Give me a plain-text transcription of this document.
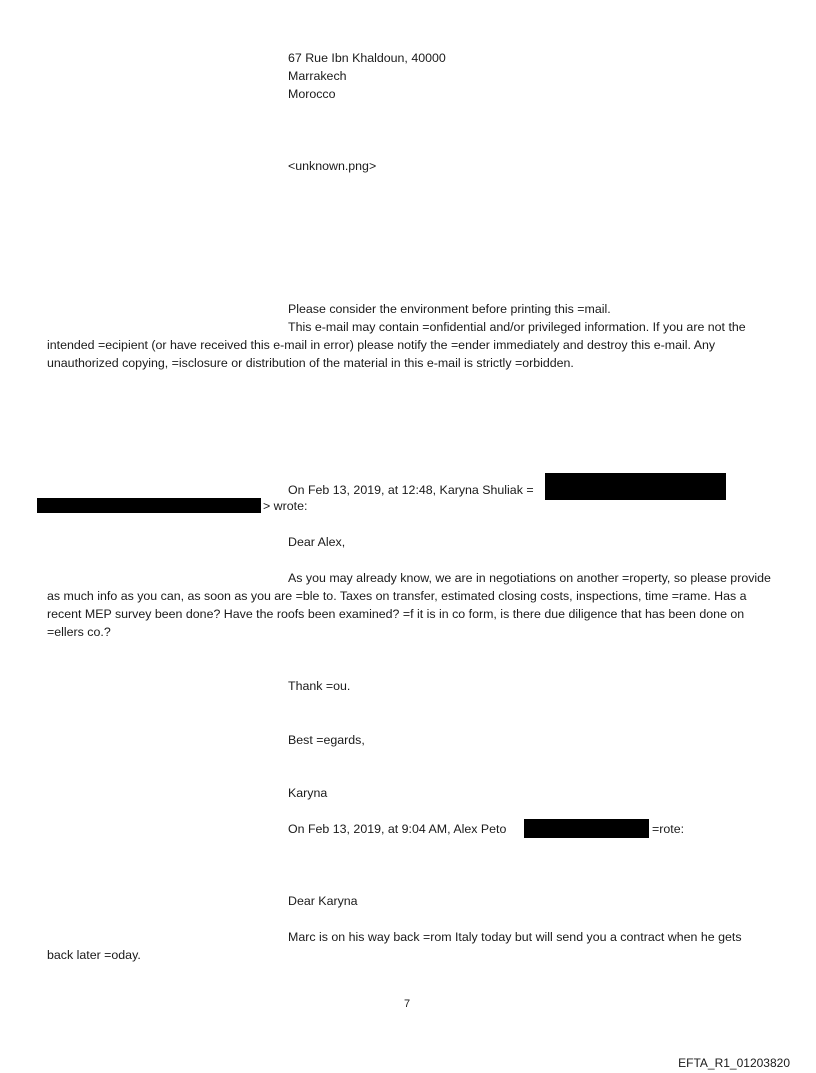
67 Rue Ibn Khaldoun, 40000
Marrakech
Morocco
<unknown.png>
Please consider the environment before printing this =mail.
This e-mail may contain =onfidential and/or privileged information. If you are not the intended =ecipient (or have received this e-mail in error) please notify the =ender immediately and destroy this e-mail. Any unauthorized copying, =isclosure or distribution of the material in this e-mail is strictly =orbidden.
On Feb 13, 2019, at 12:48, Karyna Shuliak =
> wrote:
Dear Alex,
As you may already know, we are in negotiations on another =roperty, so please provide as much info as you can, as soon as you are =ble to. Taxes on transfer, estimated closing costs, inspections, time =rame. Has a recent MEP survey been done? Have the roofs been examined? =f it is in co form, is there due diligence that has been done on =ellers co.?
Thank =ou.
Best =egards,
Karyna
On Feb 13, 2019, at 9:04 AM, Alex Peto	=rote:
Dear Karyna
Marc is on his way back =rom Italy today but will send you a contract when he gets back later =oday.
7
EFTA_R1_01203820
